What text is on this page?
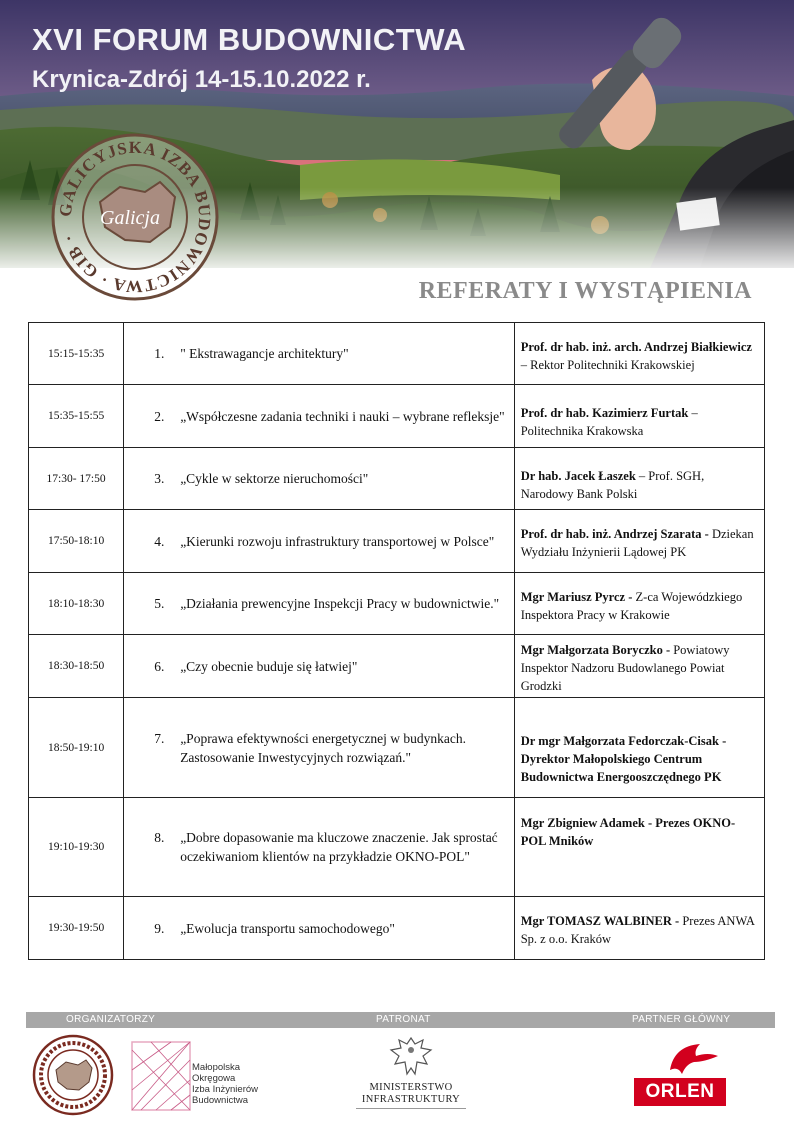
XVI FORUM BUDOWNICTWA
Krynica-Zdrój 14-15.10.2022 r.
GALICYJSKA IZBA BUDOWNICTWA · GIB ·
Galicja
REFERATY I WYSTĄPIENIA
15:15-15:35	1. " Ekstrawagancje architektury"	Prof. dr hab. inż. arch. Andrzej Białkiewicz – Rektor Politechniki Krakowskiej

15:35-15:55	2. „Współczesne zadania techniki i nauki – wybrane refleksje"	Prof. dr hab. Kazimierz Furtak – Politechnika Krakowska

17:30- 17:50	3. „Cykle w sektorze nieruchomości"	Dr hab. Jacek Łaszek – Prof. SGH, Narodowy Bank Polski

17:50-18:10	4. „Kierunki rozwoju infrastruktury transportowej w Polsce"	Prof. dr hab. inż. Andrzej Szarata - Dziekan Wydziału Inżynierii Lądowej PK

18:10-18:30	5. „Działania prewencyjne Inspekcji Pracy w budownictwie."	Mgr Mariusz Pyrcz - Z-ca Wojewódzkiego Inspektora Pracy w Krakowie

18:30-18:50	6. „Czy obecnie buduje się łatwiej"	Mgr Małgorzata Boryczko - Powiatowy Inspektor Nadzoru Budowlanego Powiat Grodzki

18:50-19:10	7. „Poprawa efektywności energetycznej w budynkach. Zastosowanie Inwestycyjnych rozwiązań."	Dr mgr Małgorzata Fedorczak-Cisak - Dyrektor Małopolskiego Centrum Budownictwa Energooszczędnego PK

19:10-19:30	8. „Dobre dopasowanie ma kluczowe znaczenie. Jak sprostać oczekiwaniom klientów na przykładzie OKNO-POL"	Mgr Zbigniew Adamek - Prezes OKNO-POL Mników

19:30-19:50	9. „Ewolucja transportu samochodowego"	Mgr TOMASZ WALBINER - Prezes ANWA Sp. z o.o. Kraków
ORGANIZATORZY	PATRONAT	PARTNER GŁÓWNY
Małopolska
Okręgowa
Izba Inżynierów
Budownictwa
MINISTERSTWO
INFRASTRUKTURY	ORLEN
